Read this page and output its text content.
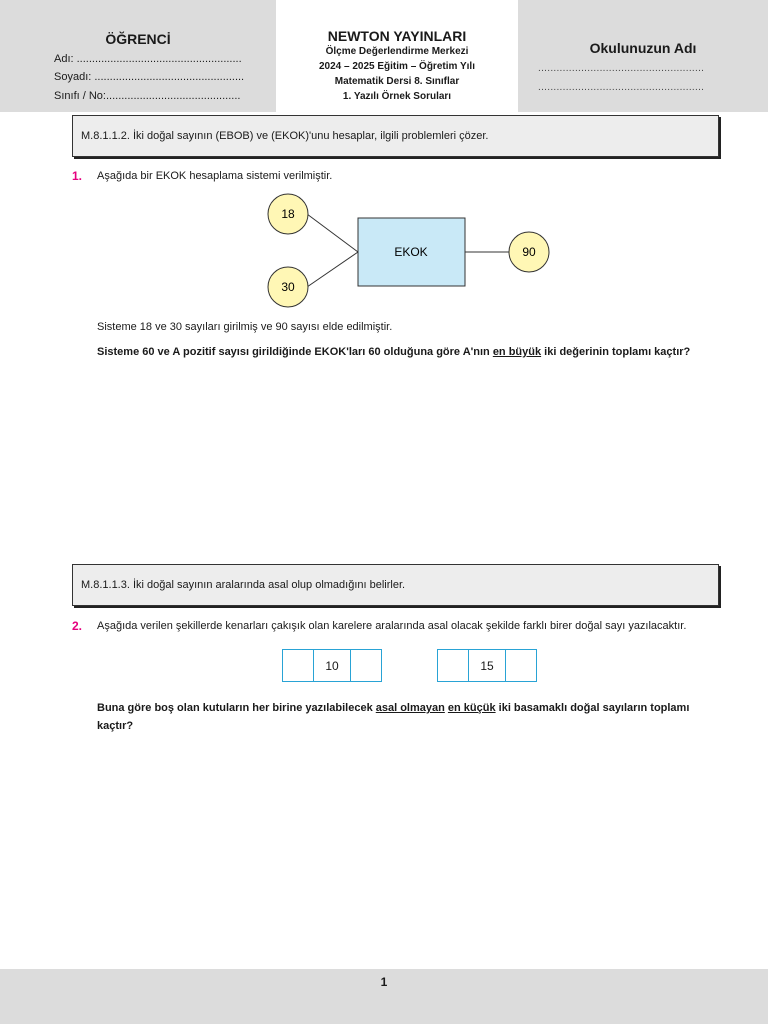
ÖĞRENCİ
Adı: ......................................................
Soyadı: .................................................
Sınıfı / No:............................................
NEWTON YAYINLARI
Ölçme Değerlendirme Merkezi
2024 – 2025 Eğitim – Öğretim Yılı
Matematik Dersi 8. Sınıflar
1. Yazılı Örnek Soruları
Okulunuzun Adı
......................................................
......................................................
M.8.1.1.2. İki doğal sayının (EBOB) ve (EKOK)'unu hesaplar, ilgili problemleri çözer.
1. Aşağıda bir EKOK hesaplama sistemi verilmiştir.
18
30
EKOK	90
Sisteme 18 ve 30 sayıları girilmiş ve 90 sayısı elde edilmiştir.
Sisteme 60 ve A pozitif sayısı girildiğinde EKOK'ları 60 olduğuna göre A'nın en büyük iki değerinin toplamı kaçtır?
M.8.1.1.3. İki doğal sayının aralarında asal olup olmadığını belirler.
2. Aşağıda verilen şekillerde kenarları çakışık olan karelere aralarında asal olacak şekilde farklı birer doğal sayı yazılacaktır.
10	15
Buna göre boş olan kutuların her birine yazılabilecek asal olmayan en küçük iki basamaklı doğal sayıların toplamı
kaçtır?
1
